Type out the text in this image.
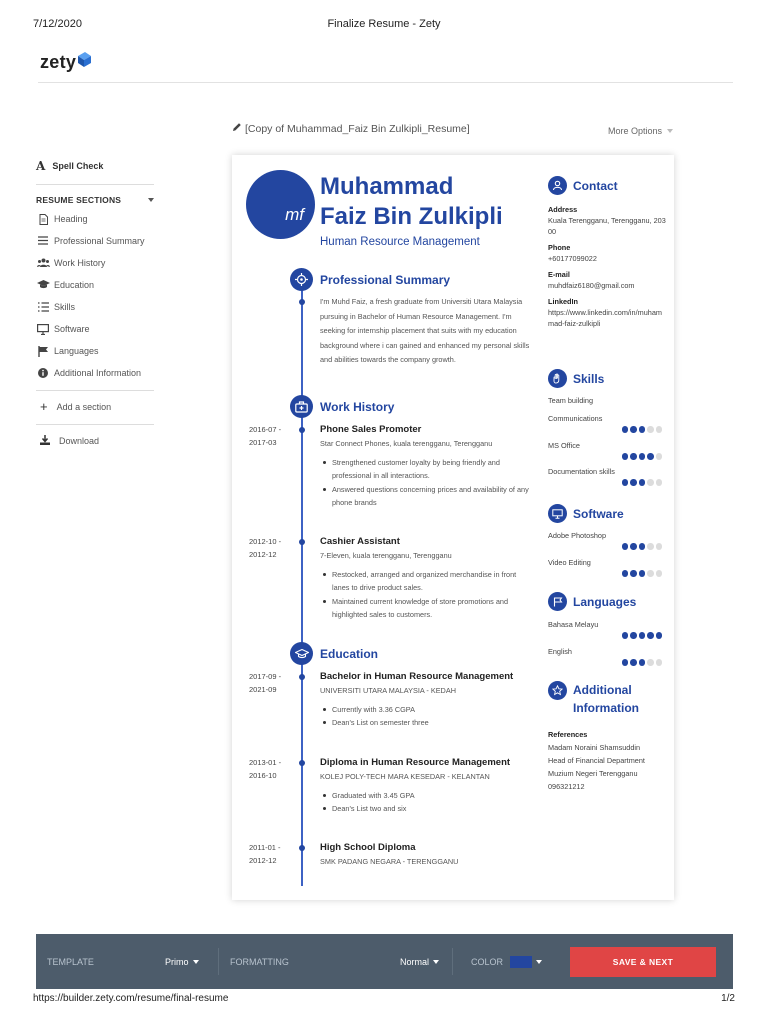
7/12/2020	Finalize Resume - Zety
zety
A Spell Check
RESUME SECTIONS
Heading
Professional Summary
Work History
Education
Skills
Software
Languages
Additional Information
+ Add a section
Download
[Copy of Muhammad_Faiz Bin Zulkipli_Resume]	More Options
mf
Muhammad
Faiz Bin Zulkipli
Human Resource Management
Professional Summary
I'm Muhd Faiz, a fresh graduate from Universiti Utara Malaysia pursuing in Bachelor of Human Resource Management. I'm seeking for internship placement that suits with my education background where i can gained and enhanced my personal skills and abilities towards the company growth.
Work History
2016-07 -
2017-03
Phone Sales Promoter
Star Connect Phones, kuala terengganu, Terengganu
Strengthened customer loyalty by being friendly and professional in all interactions.
Answered questions concerning prices and availability of any phone brands
2012-10 -
2012-12
Cashier Assistant
7-Eleven, kuala terengganu, Terengganu
Restocked, arranged and organized merchandise in front lanes to drive product sales.
Maintained current knowledge of store promotions and highlighted sales to customers.
Education
2017-09 -
2021-09
Bachelor in Human Resource Management
UNIVERSITI UTARA MALAYSIA - KEDAH
Currently with 3.36 CGPA
Dean's List on semester three
2013-01 -
2016-10
Diploma in Human Resource Management
KOLEJ POLY-TECH MARA KESEDAR - KELANTAN
Graduated with 3.45 GPA
Dean's List two and six
2011-01 -
2012-12
High School Diploma
SMK PADANG NEGARA - TERENGGANU
Contact
Address
Kuala Terengganu, Terengganu, 20300
Phone
+60177099022
E-mail
muhdfaiz6180@gmail.com
LinkedIn
https://www.linkedin.com/in/muhammad-faiz-zulkipli
Skills
Team building
Communications
MS Office
Documentation skills
Software
Adobe Photoshop
Video Editing
Languages
Bahasa Melayu
English
Additional
Information
References
Madam Noraini Shamsuddin
Head of Financial Department
Muzium Negeri Terengganu
096321212
TEMPLATE	Primo	FORMATTING	Normal	COLOR	SAVE & NEXT
https://builder.zety.com/resume/final-resume	1/2
